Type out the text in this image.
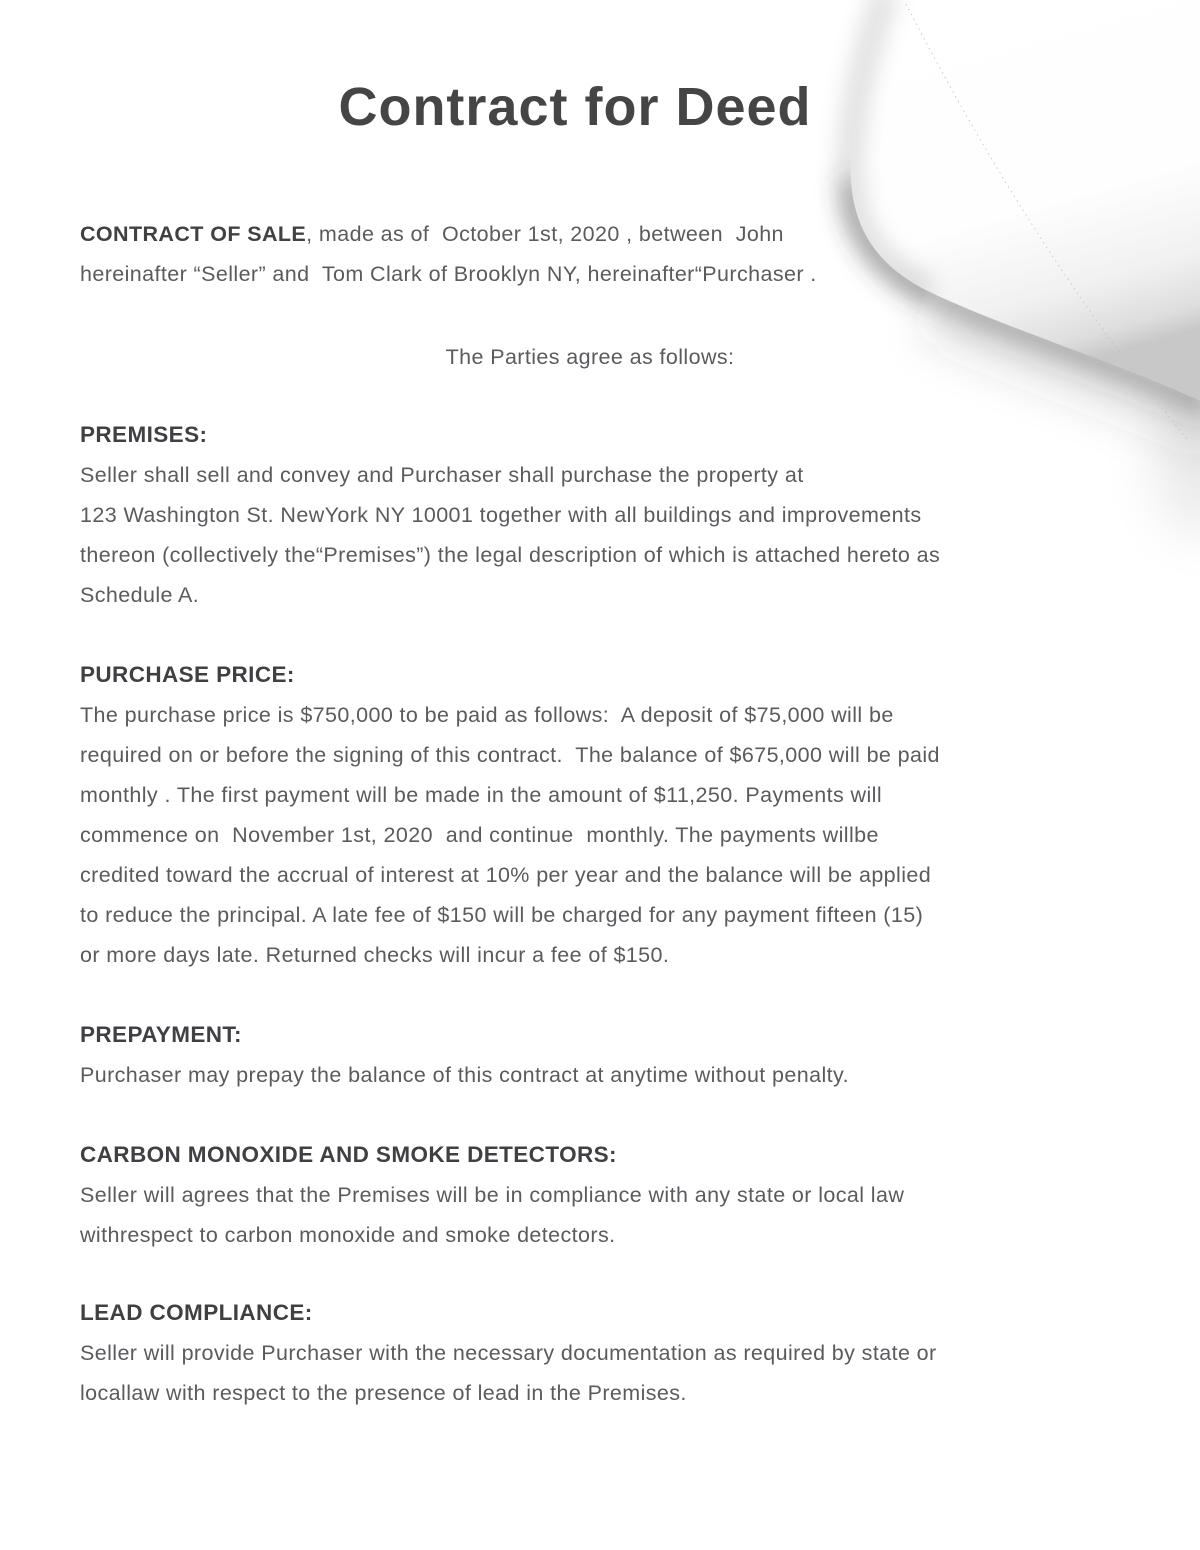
Contract for Deed
CONTRACT OF SALE, made as of  October 1st, 2020 , between  John
hereinafter “Seller” and  Tom Clark of Brooklyn NY, hereinafter“Purchaser .
The Parties agree as follows:
PREMISES:
Seller shall sell and convey and Purchaser shall purchase the property at
123 Washington St. NewYork NY 10001 together with all buildings and improvements
thereon (collectively the“Premises”) the legal description of which is attached hereto as
Schedule A.
PURCHASE PRICE:
The purchase price is $750,000 to be paid as follows:  A deposit of $75,000 will be
required on or before the signing of this contract.  The balance of $675,000 will be paid
monthly . The first payment will be made in the amount of $11,250. Payments will
commence on  November 1st, 2020  and continue  monthly. The payments willbe
credited toward the accrual of interest at 10% per year and the balance will be applied
to reduce the principal. A late fee of $150 will be charged for any payment fifteen (15)
or more days late. Returned checks will incur a fee of $150.
PREPAYMENT:
Purchaser may prepay the balance of this contract at anytime without penalty.
CARBON MONOXIDE AND SMOKE DETECTORS:
Seller will agrees that the Premises will be in compliance with any state or local law
withrespect to carbon monoxide and smoke detectors.
LEAD COMPLIANCE:
Seller will provide Purchaser with the necessary documentation as required by state or
locallaw with respect to the presence of lead in the Premises.
